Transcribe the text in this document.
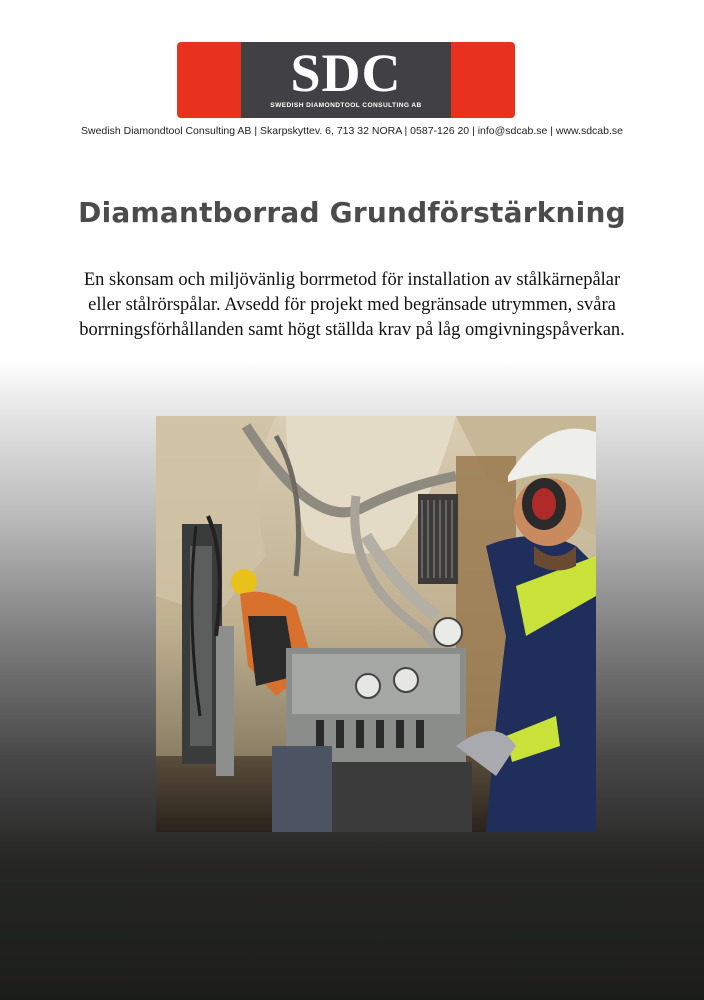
SDC
SWEDISH DIAMONDTOOL CONSULTING AB
Swedish Diamondtool Consulting AB | Skarpskyttev. 6, 713 32 NORA | 0587-126 20 | info@sdcab.se | www.sdcab.se
Diamantborrad Grundförstärkning

En skonsam och miljövänlig borrmetod för installation av stålkärnepålar
eller stålrörspålar. Avsedd för projekt med begränsade utrymmen, svåra
borrningsförhållanden samt högt ställda krav på låg omgivningspåverkan.
